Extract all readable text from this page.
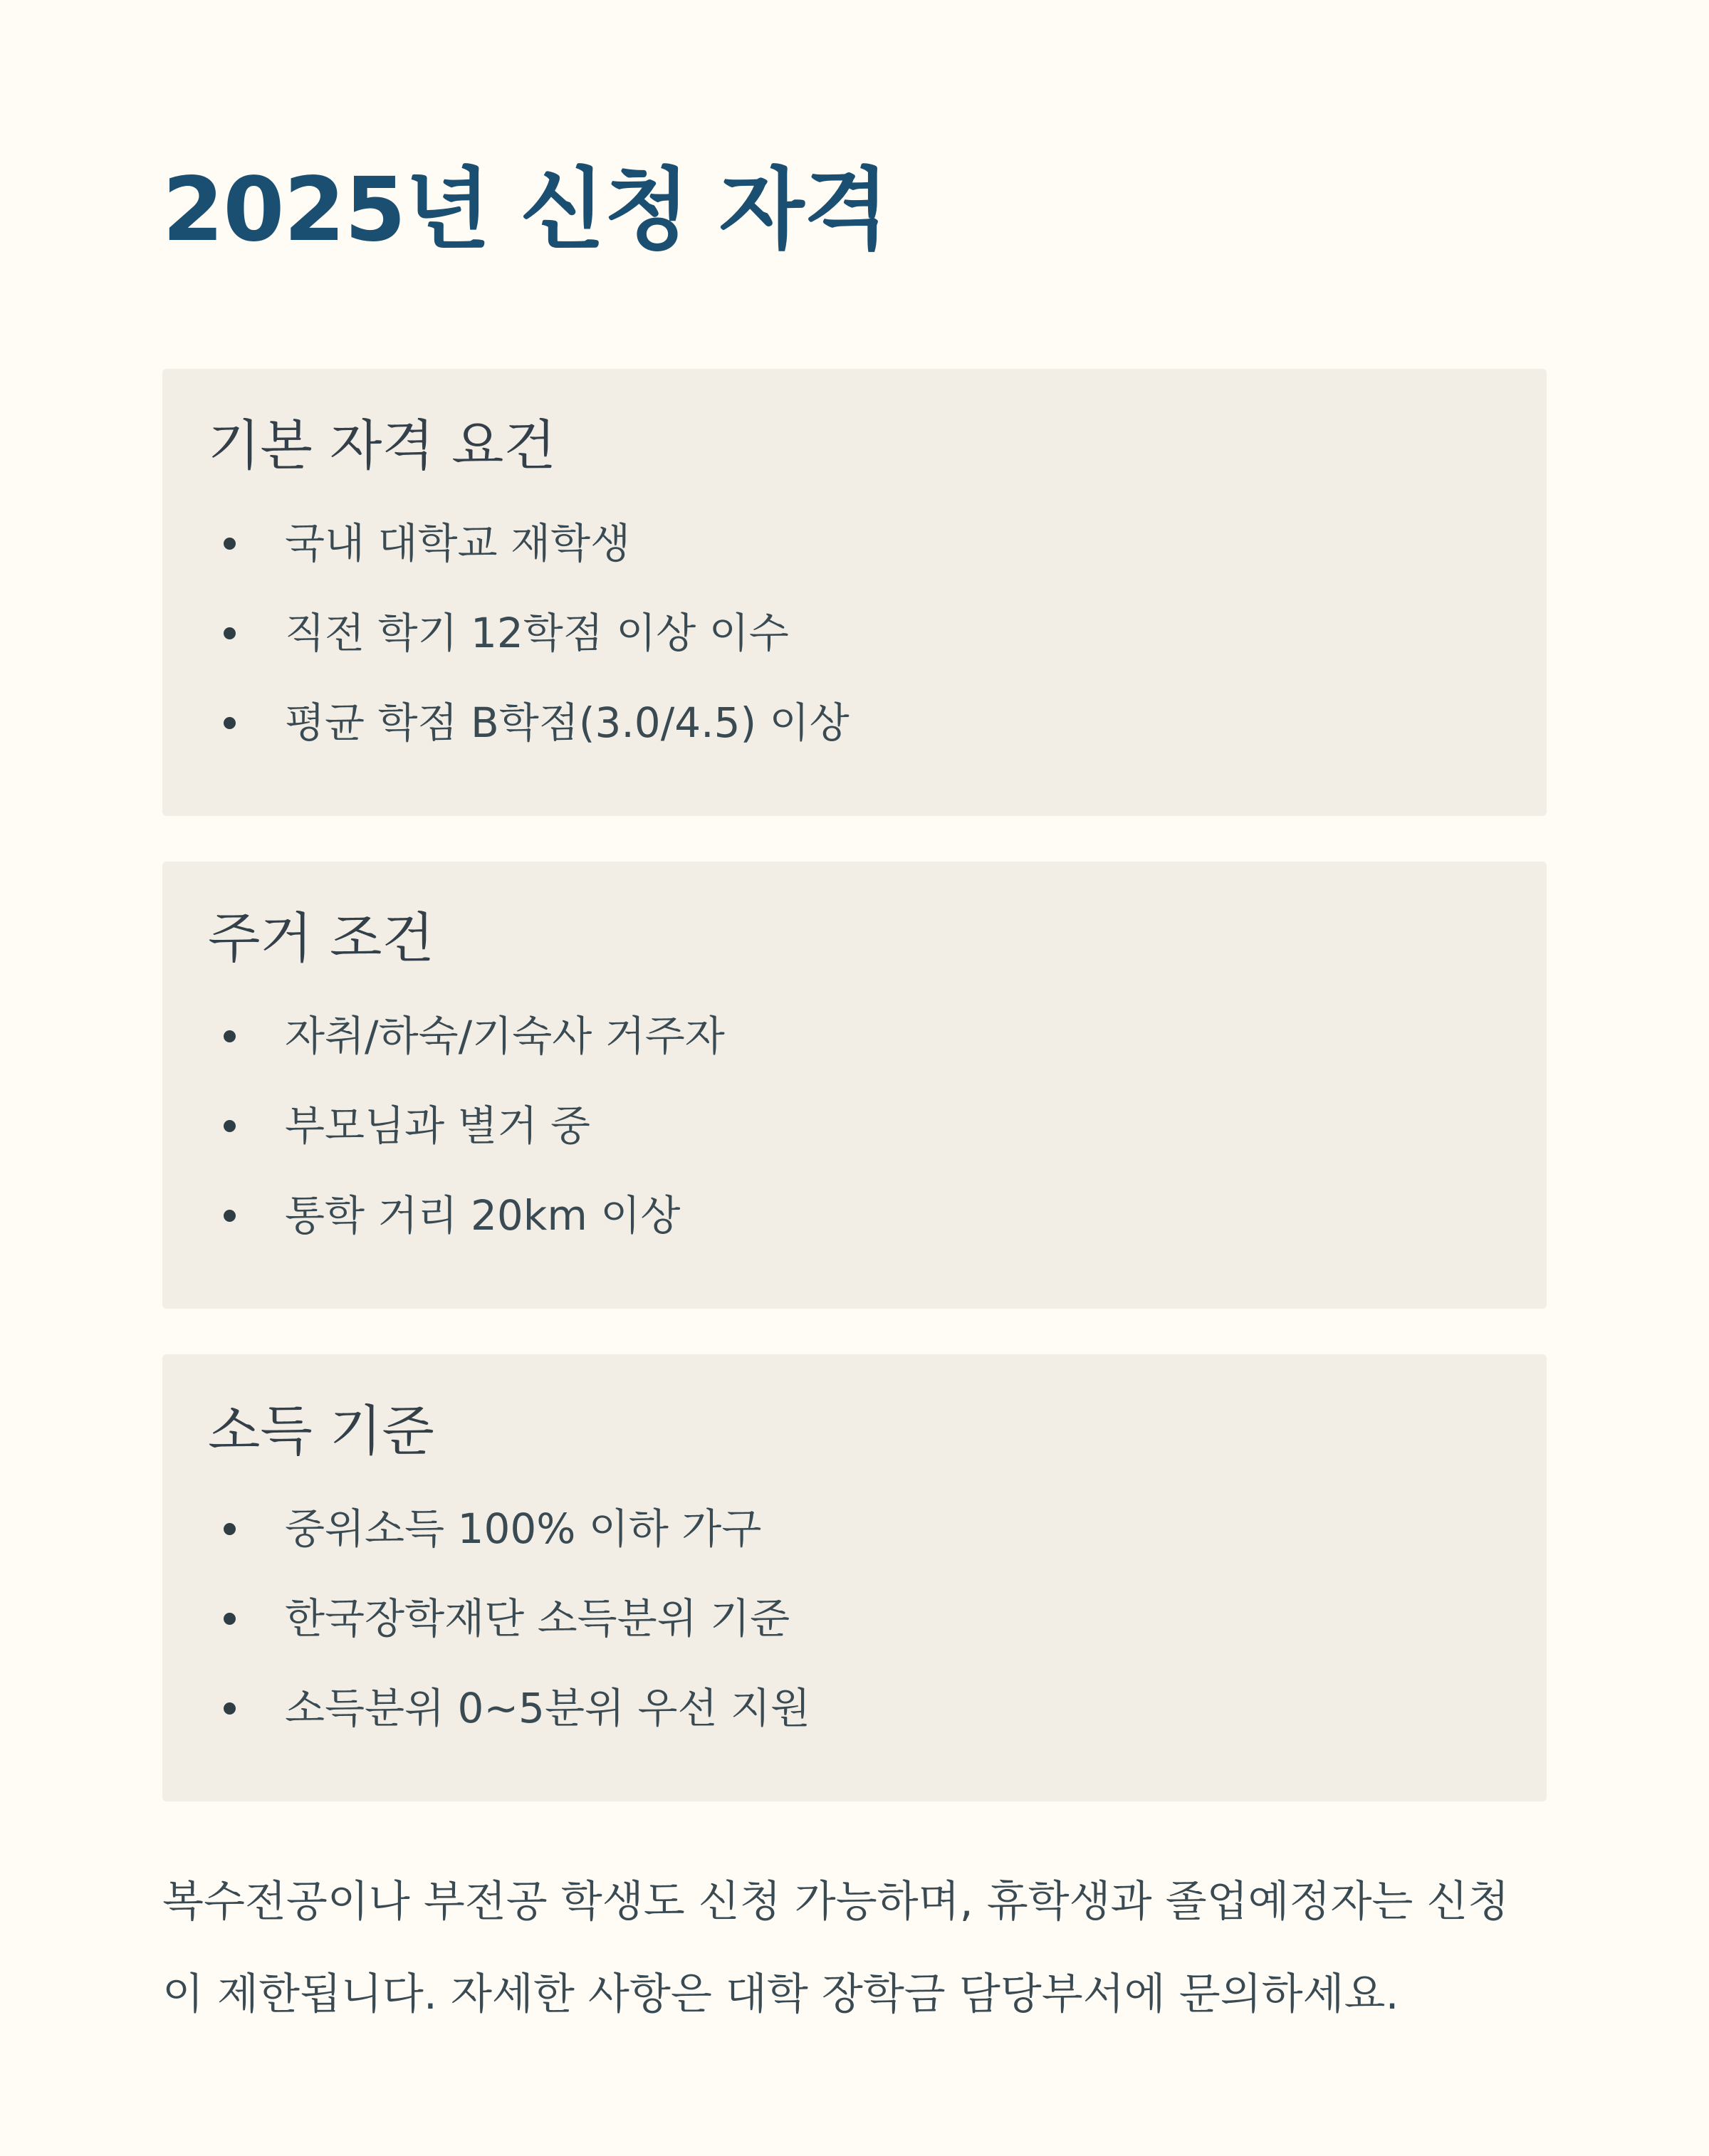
2025년 신청 자격
기본 자격 요건
국내 대학교 재학생
직전 학기 12학점 이상 이수
평균 학점 B학점(3.0/4.5) 이상
주거 조건
자취/하숙/기숙사 거주자
부모님과 별거 중
통학 거리 20km 이상
소득 기준
중위소득 100% 이하 가구
한국장학재단 소득분위 기준
소득분위 0~5분위 우선 지원

복수전공이나 부전공 학생도 신청 가능하며, 휴학생과 졸업예정자는 신청이 제한됩니다. 자세한 사항은 대학 장학금 담당부서에 문의하세요.
